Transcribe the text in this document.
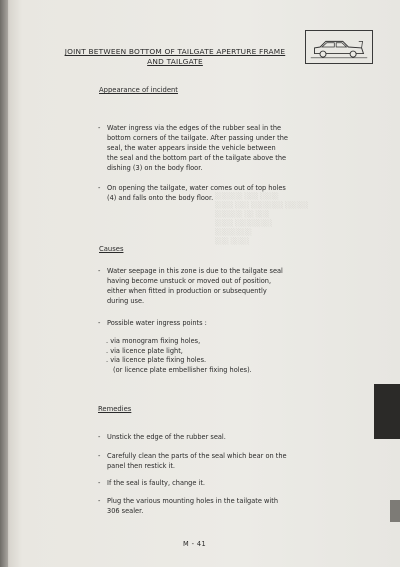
JOINT BETWEEN BOTTOM OF TAILGATE APERTURE FRAME
AND TAILGATE
Appearance of incident
-	Water ingress via the edges of the rubber seal in the bottom corners of the tailgate. After passing under the seal, the water appears inside the vehicle between the seal and the bottom part of the tailgate above the dishing (3) on the body floor.
-	On opening the tailgate, water comes out of top holes (4) and falls onto the body floor. ░░░░░░ ░░░ ░░░░
░░░░ ░░░ ░░░░░░░ ░░░░░
░░░░░░ ░░ ░░░
░░░░ ░░░░░░░░
░░░░░░░░
░░░ ░░░░
Causes
-	Water seepage in this zone is due to the tailgate seal having become unstuck or moved out of position, either when fitted in production or subsequently during use.
-	Possible water ingress points :
. via monogram fixing holes,
. via licence plate light,
. via licence plate fixing holes.
(or licence plate embellisher fixing holes).
Remedies
-	Unstick the edge of the rubber seal.
-	Carefully clean the parts of the seal which bear on the panel then restick it.
-	If the seal is faulty, change it.
-	Plug the various mounting holes in the tailgate with 306 sealer.
M - 41
